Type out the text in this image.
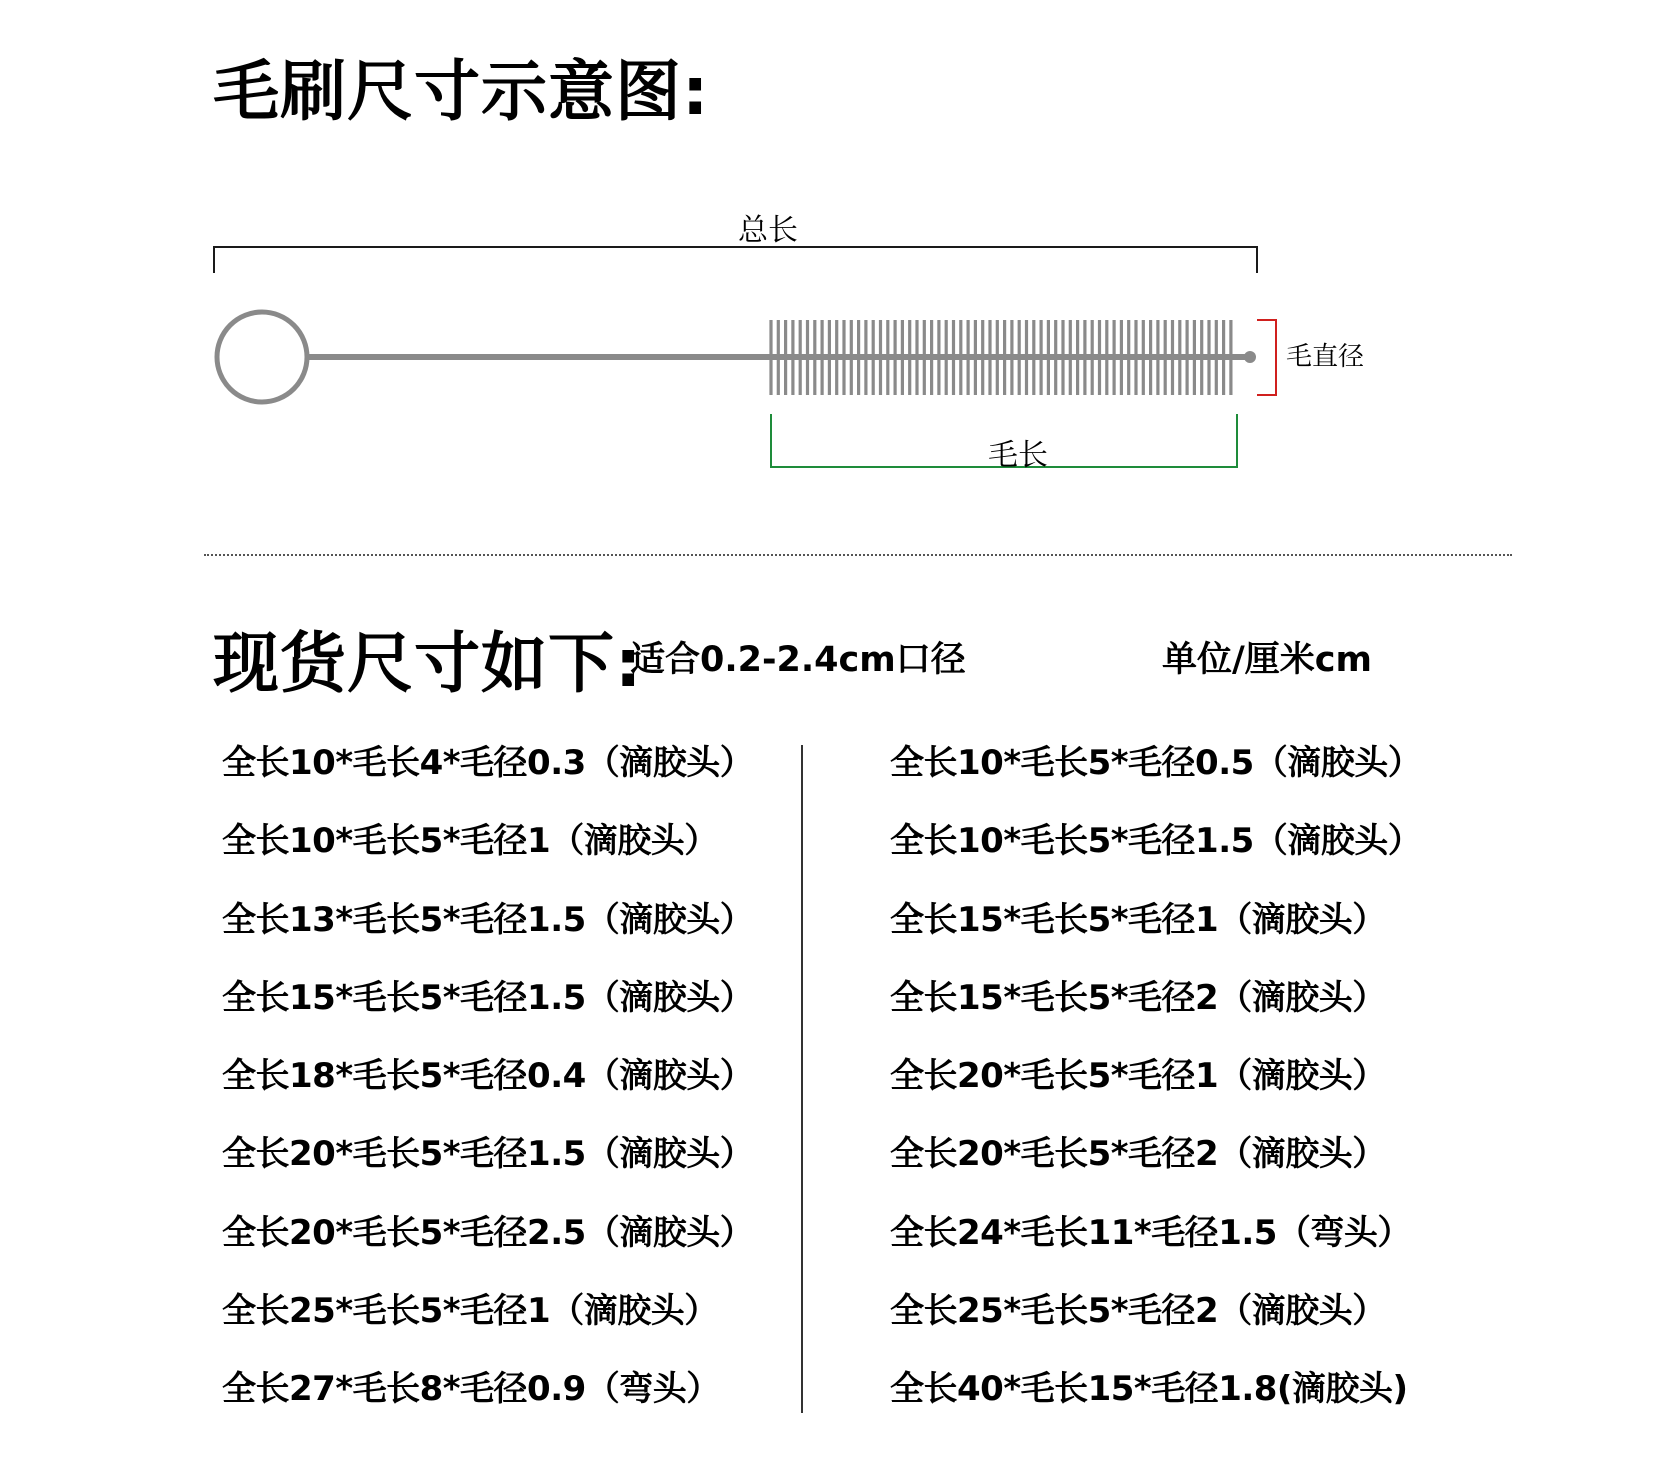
毛刷尺寸示意图:
总长
毛直径
毛长
现货尺寸如下:
适合0.2-2.4cm口径	单位/厘米cm
全长10*毛长4*毛径0.3（滴胶头）
全长10*毛长5*毛径1（滴胶头）
全长13*毛长5*毛径1.5（滴胶头）
全长15*毛长5*毛径1.5（滴胶头）
全长18*毛长5*毛径0.4（滴胶头）
全长20*毛长5*毛径1.5（滴胶头）
全长20*毛长5*毛径2.5（滴胶头）
全长25*毛长5*毛径1（滴胶头）
全长27*毛长8*毛径0.9（弯头）
全长10*毛长5*毛径0.5（滴胶头）
全长10*毛长5*毛径1.5（滴胶头）
全长15*毛长5*毛径1（滴胶头）
全长15*毛长5*毛径2（滴胶头）
全长20*毛长5*毛径1（滴胶头）
全长20*毛长5*毛径2（滴胶头）
全长24*毛长11*毛径1.5（弯头）
全长25*毛长5*毛径2（滴胶头）
全长40*毛长15*毛径1.8(滴胶头)
